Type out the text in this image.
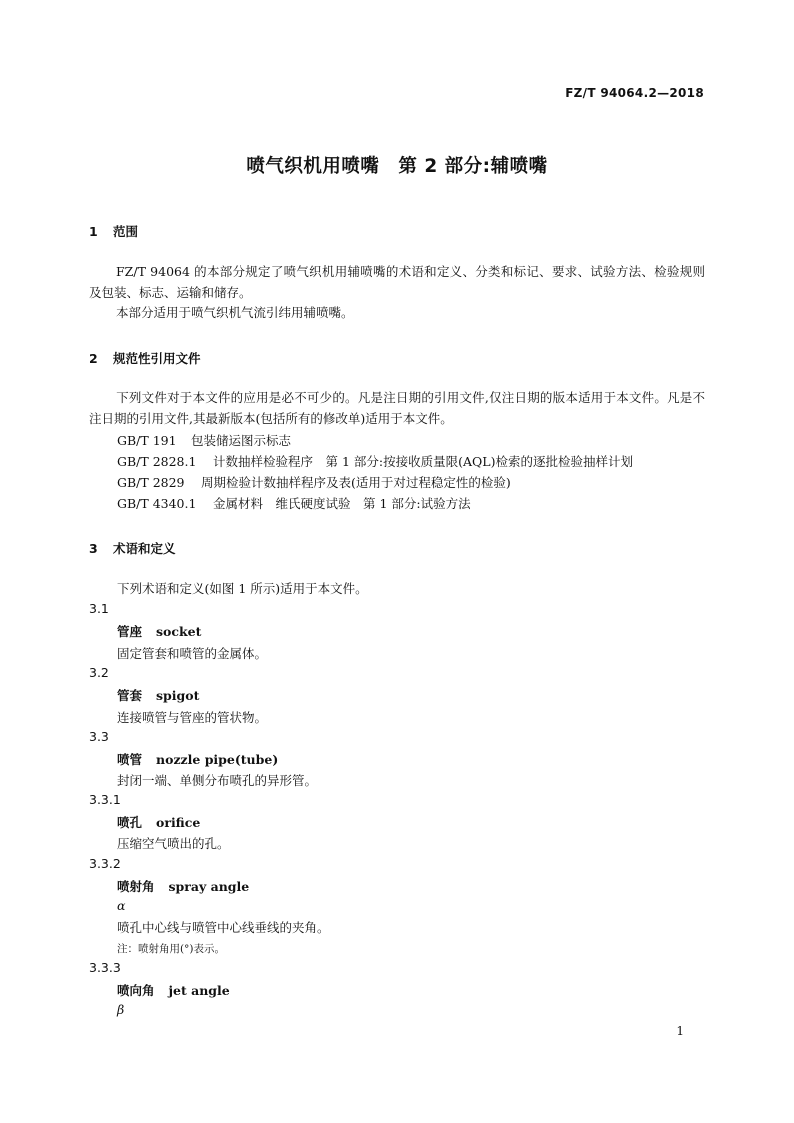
FZ/T 94064.2—2018
喷气织机用喷嘴　第 2 部分:辅喷嘴
1 范围
FZ/T 94064 的本部分规定了喷气织机用辅喷嘴的术语和定义、分类和标记、要求、试验方法、检验规则及包装、标志、运输和储存。
本部分适用于喷气织机气流引纬用辅喷嘴。
2 规范性引用文件
下列文件对于本文件的应用是必不可少的。凡是注日期的引用文件,仅注日期的版本适用于本文件。凡是不注日期的引用文件,其最新版本(包括所有的修改单)适用于本文件。
GB/T 191 包装储运图示标志
GB/T 2828.1 计数抽样检验程序　第 1 部分:按接收质量限(AQL)检索的逐批检验抽样计划
GB/T 2829 周期检验计数抽样程序及表(适用于对过程稳定性的检验)
GB/T 4340.1 金属材料　维氏硬度试验　第 1 部分:试验方法
3 术语和定义
下列术语和定义(如图 1 所示)适用于本文件。
3.1
管座 socket
固定管套和喷管的金属体。
3.2
管套 spigot
连接喷管与管座的管状物。
3.3
喷管 nozzle pipe(tube)
封闭一端、单侧分布喷孔的异形管。
3.3.1
喷孔 orifice
压缩空气喷出的孔。
3.3.2
喷射角 spray angle
α
喷孔中心线与喷管中心线垂线的夹角。
注：喷射角用(°)表示。
3.3.3
喷向角 jet angle
β
1
